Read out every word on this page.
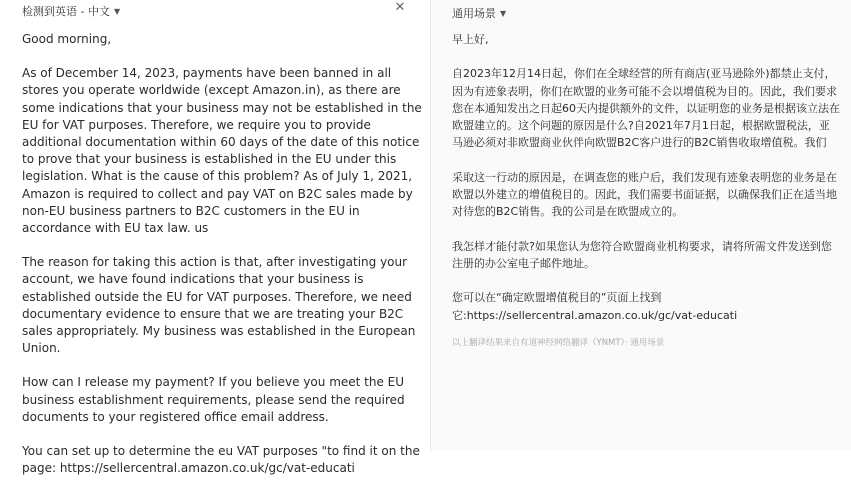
检测到英语 - 中文 ▼	✕

Good morning,

As of December 14, 2023, payments have been banned in all stores you operate worldwide (except Amazon.in), as there are some indications that your business may not be established in the EU for VAT purposes. Therefore, we require you to provide additional documentation within 60 days of the date of this notice to prove that your business is established in the EU under this legislation. What is the cause of this problem? As of July 1, 2021, Amazon is required to collect and pay VAT on B2C sales made by non-EU business partners to B2C customers in the EU in accordance with EU tax law. us

The reason for taking this action is that, after investigating your account, we have found indications that your business is established outside the EU for VAT purposes. Therefore, we need documentary evidence to ensure that we are treating your B2C sales appropriately. My business was established in the European Union.

How can I release my payment? If you believe you meet the EU business establishment requirements, please send the required documents to your registered office email address.

You can set up to determine the eu VAT purposes "to find it on the page: https://sellercentral.amazon.co.uk/gc/vat-educati

通用场景 ▼

早上好,

自2023年12月14日起，你们在全球经营的所有商店(亚马逊除外)都禁止支付，因为有迹象表明，你们在欧盟的业务可能不会以增值税为目的。因此，我们要求您在本通知发出之日起60天内提供额外的文件，以证明您的业务是根据该立法在欧盟建立的。这个问题的原因是什么?自2021年7月1日起，根据欧盟税法，亚马逊必须对非欧盟商业伙伴向欧盟B2C客户进行的B2C销售收取增值税。我们

采取这一行动的原因是，在调查您的账户后，我们发现有迹象表明您的业务是在欧盟以外建立的增值税目的。因此，我们需要书面证据，以确保我们正在适当地对待您的B2C销售。我的公司是在欧盟成立的。

我怎样才能付款?如果您认为您符合欧盟商业机构要求，请将所需文件发送到您注册的办公室电子邮件地址。

您可以在“确定欧盟增值税目的”页面上找到它:https://sellercentral.amazon.co.uk/gc/vat-educati

以上翻译结果来自有道神经网络翻译（YNMT）· 通用场景
